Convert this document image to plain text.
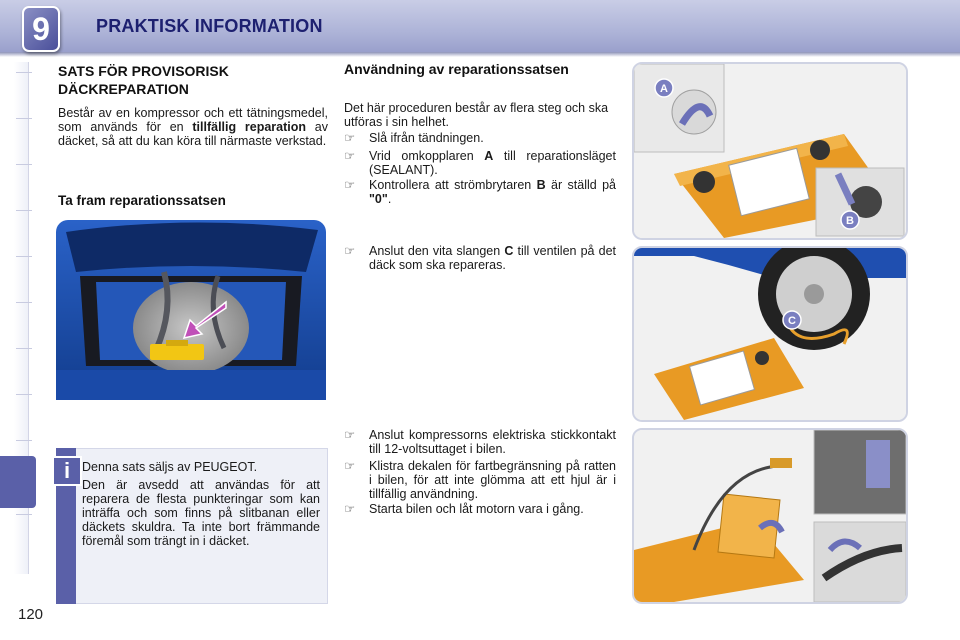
9	PRAKTISK INFORMATION
120
SATS FÖR PROVISORISK DÄCKREPARATION
Består av en kompressor och ett tätningsmedel, som används för en tillfällig reparation av däcket, så att du kan köra till närmaste verkstad.
Ta fram reparationssatsen
i Denna sats säljs av PEUGEOT.

Den är avsedd att användas för att reparera de flesta punkteringar som kan inträffa och som finns på slitbanan eller däckets skuldra. Ta inte bort främmande föremål som trängt in i däcket.

Användning av reparationssatsen
Det här proceduren består av flera steg och ska utföras i sin helhet.
☞	Slå ifrån tändningen.
☞	Vrid omkopplaren A till reparationsläget (SEALANT).
☞	Kontrollera att strömbrytaren B är ställd på "0".
☞	Anslut den vita slangen C till ventilen på det däck som ska repareras.
☞	Anslut kompressorns elektriska stickkontakt till 12-voltsuttaget i bilen.
☞	Klistra dekalen för fartbegränsning på ratten i bilen, för att inte glömma att ett hjul är i tillfällig användning.
☞	Starta bilen och låt motorn vara i gång.
A
B
C
